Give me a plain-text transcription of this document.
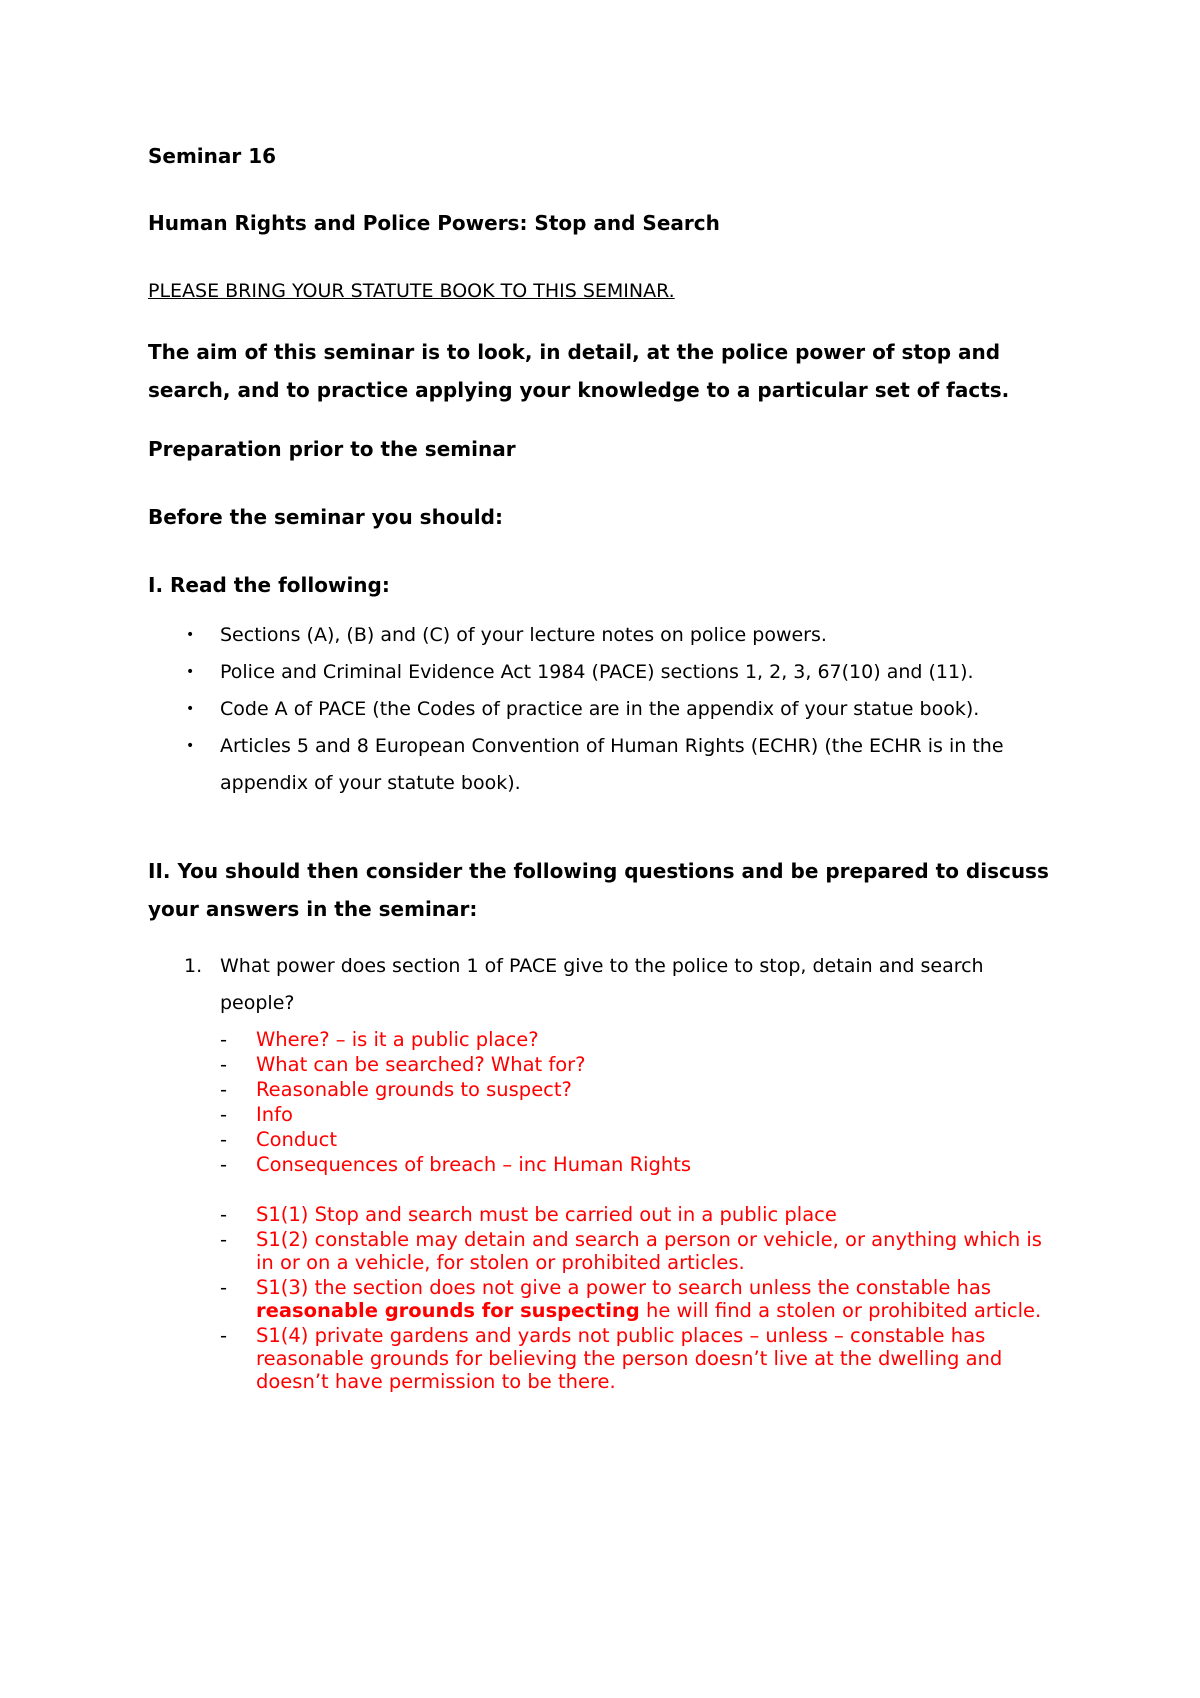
Seminar 16

Human Rights and Police Powers: Stop and Search

PLEASE BRING YOUR STATUTE BOOK TO THIS SEMINAR.

The aim of this seminar is to look, in detail, at the police power of stop and search, and to practice applying your knowledge to a particular set of facts.

Preparation prior to the seminar

Before the seminar you should:

I. Read the following:

• Sections (A), (B) and (C) of your lecture notes on police powers.
• Police and Criminal Evidence Act 1984 (PACE) sections 1, 2, 3, 67(10) and (11).
• Code A of PACE (the Codes of practice are in the appendix of your statue book).
• Articles 5 and 8 European Convention of Human Rights (ECHR) (the ECHR is in the appendix of your statute book).

II. You should then consider the following questions and be prepared to discuss your answers in the seminar:

1. What power does section 1 of PACE give to the police to stop, detain and search people?
- Where? – is it a public place?
- What can be searched? What for?
- Reasonable grounds to suspect?
- Info
- Conduct
- Consequences of breach – inc Human Rights
- S1(1) Stop and search must be carried out in a public place
- S1(2) constable may detain and search a person or vehicle, or anything which is in or on a vehicle, for stolen or prohibited articles.
- S1(3) the section does not give a power to search unless the constable has reasonable grounds for suspecting he will find a stolen or prohibited article.
- S1(4) private gardens and yards not public places – unless – constable has reasonable grounds for believing the person doesn’t live at the dwelling and doesn’t have permission to be there.
